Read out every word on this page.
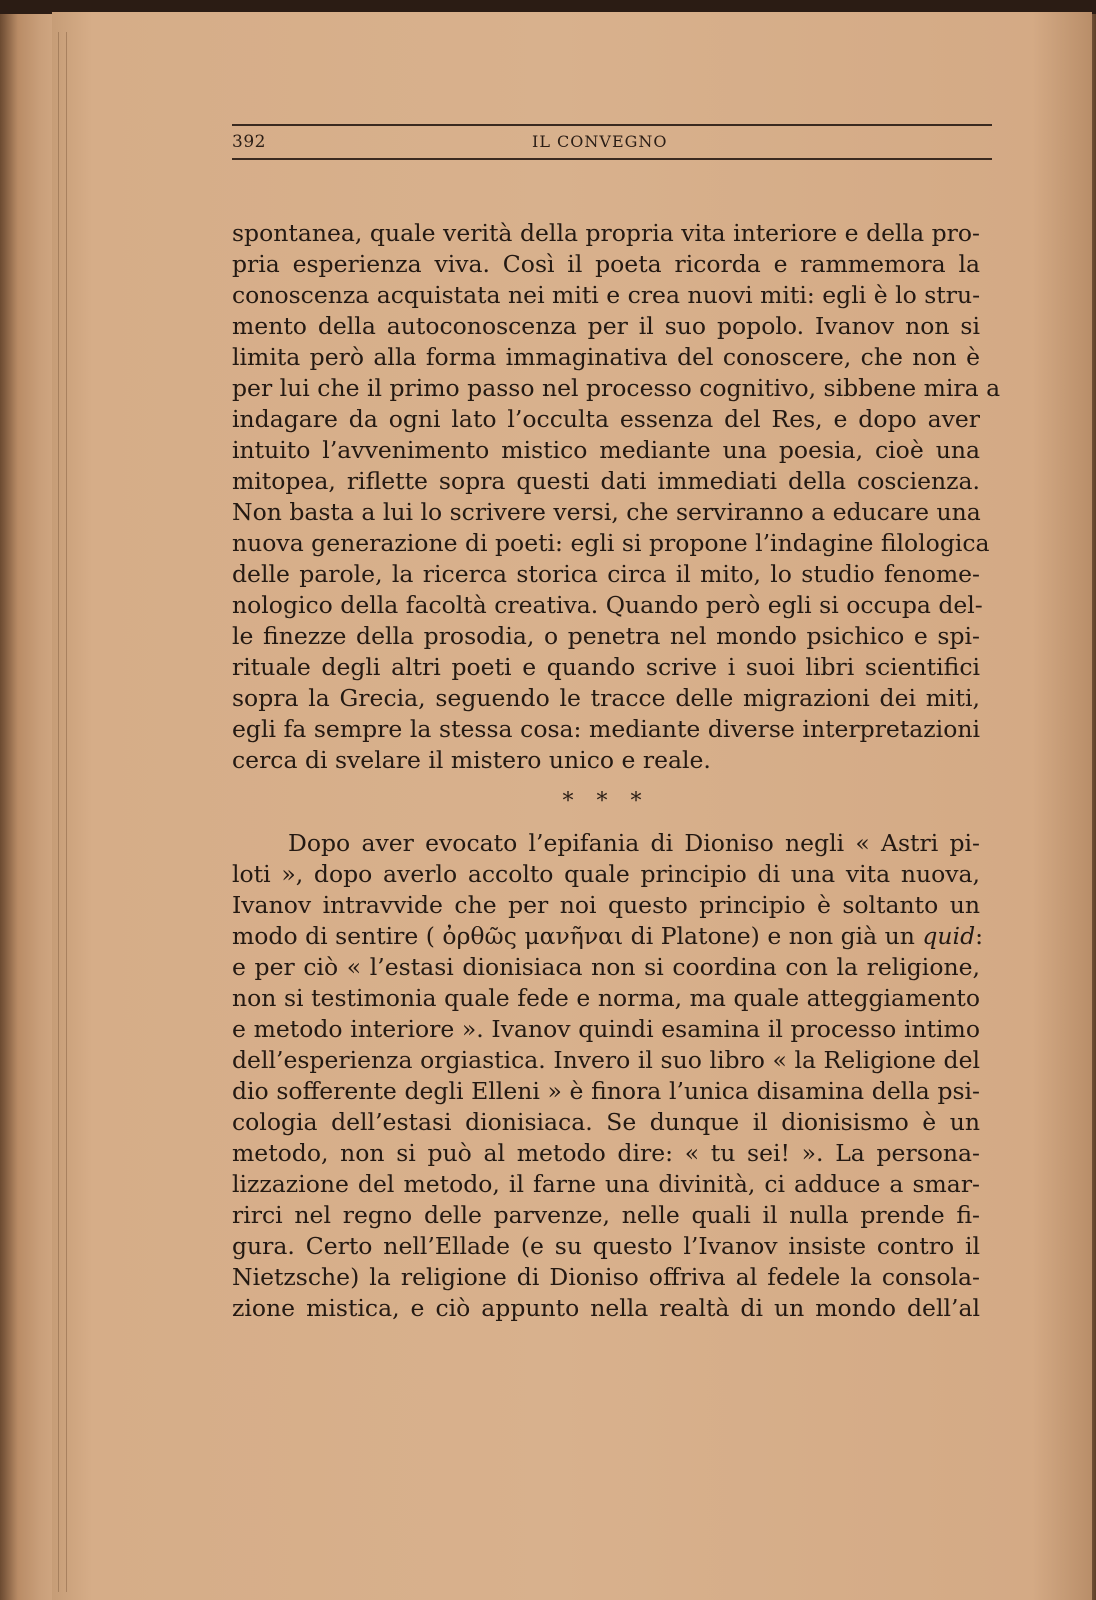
392	IL CONVEGNO
spontanea, quale verità della propria vita interiore e della pro-
pria esperienza viva. Così il poeta ricorda e rammemora la
conoscenza acquistata nei miti e crea nuovi miti: egli è lo stru-
mento della autoconoscenza per il suo popolo. Ivanov non si
limita però alla forma immaginativa del conoscere, che non è
per lui che il primo passo nel processo cognitivo, sibbene mira a
indagare da ogni lato l’occulta essenza del Res, e dopo aver
intuito l’avvenimento mistico mediante una poesia, cioè una
mitopea, riflette sopra questi dati immediati della coscienza.
Non basta a lui lo scrivere versi, che serviranno a educare una
nuova generazione di poeti: egli si propone l’indagine filologica
delle parole, la ricerca storica circa il mito, lo studio fenome-
nologico della facoltà creativa. Quando però egli si occupa del-
le finezze della prosodia, o penetra nel mondo psichico e spi-
rituale degli altri poeti e quando scrive i suoi libri scientifici
sopra la Grecia, seguendo le tracce delle migrazioni dei miti,
egli fa sempre la stessa cosa: mediante diverse interpretazioni
cerca di svelare il mistero unico e reale.
* * *
Dopo aver evocato l’epifania di Dioniso negli « Astri pi-
loti », dopo averlo accolto quale principio di una vita nuova,
Ivanov intravvide che per noi questo principio è soltanto un
modo di sentire ( ὀρθῶς μανῆναι di Platone) e non già un quid:
e per ciò « l’estasi dionisiaca non si coordina con la religione,
non si testimonia quale fede e norma, ma quale atteggiamento
e metodo interiore ». Ivanov quindi esamina il processo intimo
dell’esperienza orgiastica. Invero il suo libro « la Religione del
dio sofferente degli Elleni » è finora l’unica disamina della psi-
cologia dell’estasi dionisiaca. Se dunque il dionisismo è un
metodo, non si può al metodo dire: « tu sei! ». La persona-
lizzazione del metodo, il farne una divinità, ci adduce a smar-
rirci nel regno delle parvenze, nelle quali il nulla prende fi-
gura. Certo nell’Ellade (e su questo l’Ivanov insiste contro il
Nietzsche) la religione di Dioniso offriva al fedele la consola-
zione mistica, e ciò appunto nella realtà di un mondo dell’al
